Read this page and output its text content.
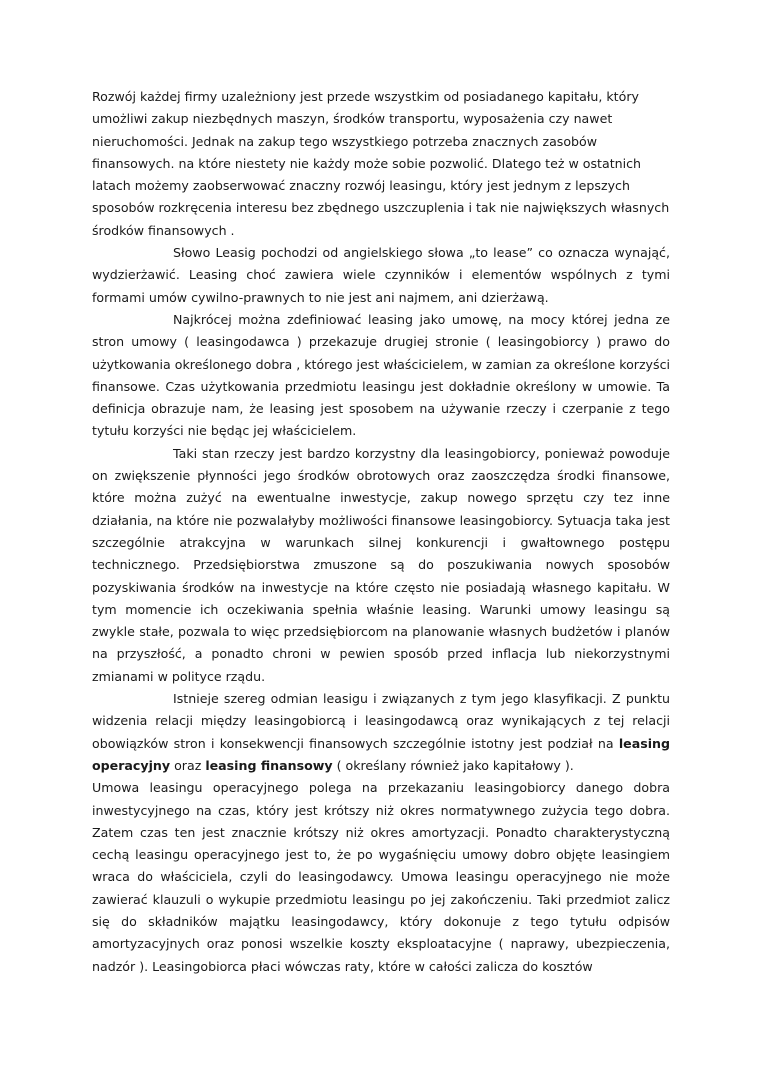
Rozwój każdej firmy uzależniony jest przede wszystkim od posiadanego kapitału, który umożliwi zakup niezbędnych maszyn, środków transportu, wyposażenia czy nawet nieruchomości. Jednak na zakup tego wszystkiego potrzeba znacznych zasobów finansowych. na które niestety nie każdy może sobie pozwolić. Dlatego też w ostatnich latach możemy zaobserwować znaczny rozwój leasingu, który jest jednym z lepszych sposobów rozkręcenia interesu bez zbędnego uszczuplenia i tak nie największych własnych środków finansowych .

Słowo Leasig pochodzi od angielskiego słowa „to lease” co oznacza wynająć, wydzierżawić. Leasing choć zawiera wiele czynników i elementów wspólnych z tymi formami umów cywilno-prawnych to nie jest ani najmem, ani dzierżawą.

Najkrócej można zdefiniować leasing jako umowę, na mocy której jedna ze stron umowy ( leasingodawca ) przekazuje drugiej stronie ( leasingobiorcy ) prawo do użytkowania określonego dobra , którego jest właścicielem, w zamian za określone korzyści finansowe. Czas użytkowania przedmiotu leasingu jest dokładnie określony w umowie. Ta definicja obrazuje nam, że leasing jest sposobem na używanie rzeczy i czerpanie z tego tytułu korzyści nie będąc jej właścicielem.

Taki stan rzeczy jest bardzo korzystny dla leasingobiorcy, ponieważ powoduje on zwiększenie płynności jego środków obrotowych oraz zaoszczędza środki finansowe, które można zużyć na ewentualne inwestycje, zakup nowego sprzętu czy tez inne działania, na które nie pozwalałyby możliwości finansowe leasingobiorcy. Sytuacja taka jest szczególnie atrakcyjna w warunkach silnej konkurencji i gwałtownego postępu technicznego. Przedsiębiorstwa zmuszone są do poszukiwania nowych sposobów pozyskiwania środków na inwestycje na które często nie posiadają własnego kapitału. W tym momencie ich oczekiwania spełnia właśnie leasing. Warunki umowy leasingu są zwykle stałe, pozwala to więc przedsiębiorcom na planowanie własnych budżetów i planów na przyszłość, a ponadto chroni w pewien sposób przed inflacja lub niekorzystnymi zmianami w polityce rządu.

Istnieje szereg odmian leasigu i związanych z tym jego klasyfikacji. Z punktu widzenia relacji między leasingobiorcą i leasingodawcą oraz wynikających z tej relacji obowiązków stron i konsekwencji finansowych szczególnie istotny jest podział na leasing operacyjny oraz leasing finansowy ( określany również jako kapitałowy ).

Umowa leasingu operacyjnego polega na przekazaniu leasingobiorcy danego dobra inwestycyjnego na czas, który jest krótszy niż okres normatywnego zużycia tego dobra. Zatem czas ten jest znacznie krótszy niż okres amortyzacji. Ponadto charakterystyczną cechą leasingu operacyjnego jest to, że po wygaśnięciu umowy dobro objęte leasingiem wraca do właściciela, czyli do leasingodawcy. Umowa leasingu operacyjnego nie może zawierać klauzuli o wykupie przedmiotu leasingu po jej zakończeniu. Taki przedmiot zalicz się do składników majątku leasingodawcy, który dokonuje z tego tytułu odpisów amortyzacyjnych oraz ponosi wszelkie koszty eksploatacyjne ( naprawy, ubezpieczenia, nadzór ). Leasingobiorca płaci wówczas raty, które w całości zalicza do kosztów
